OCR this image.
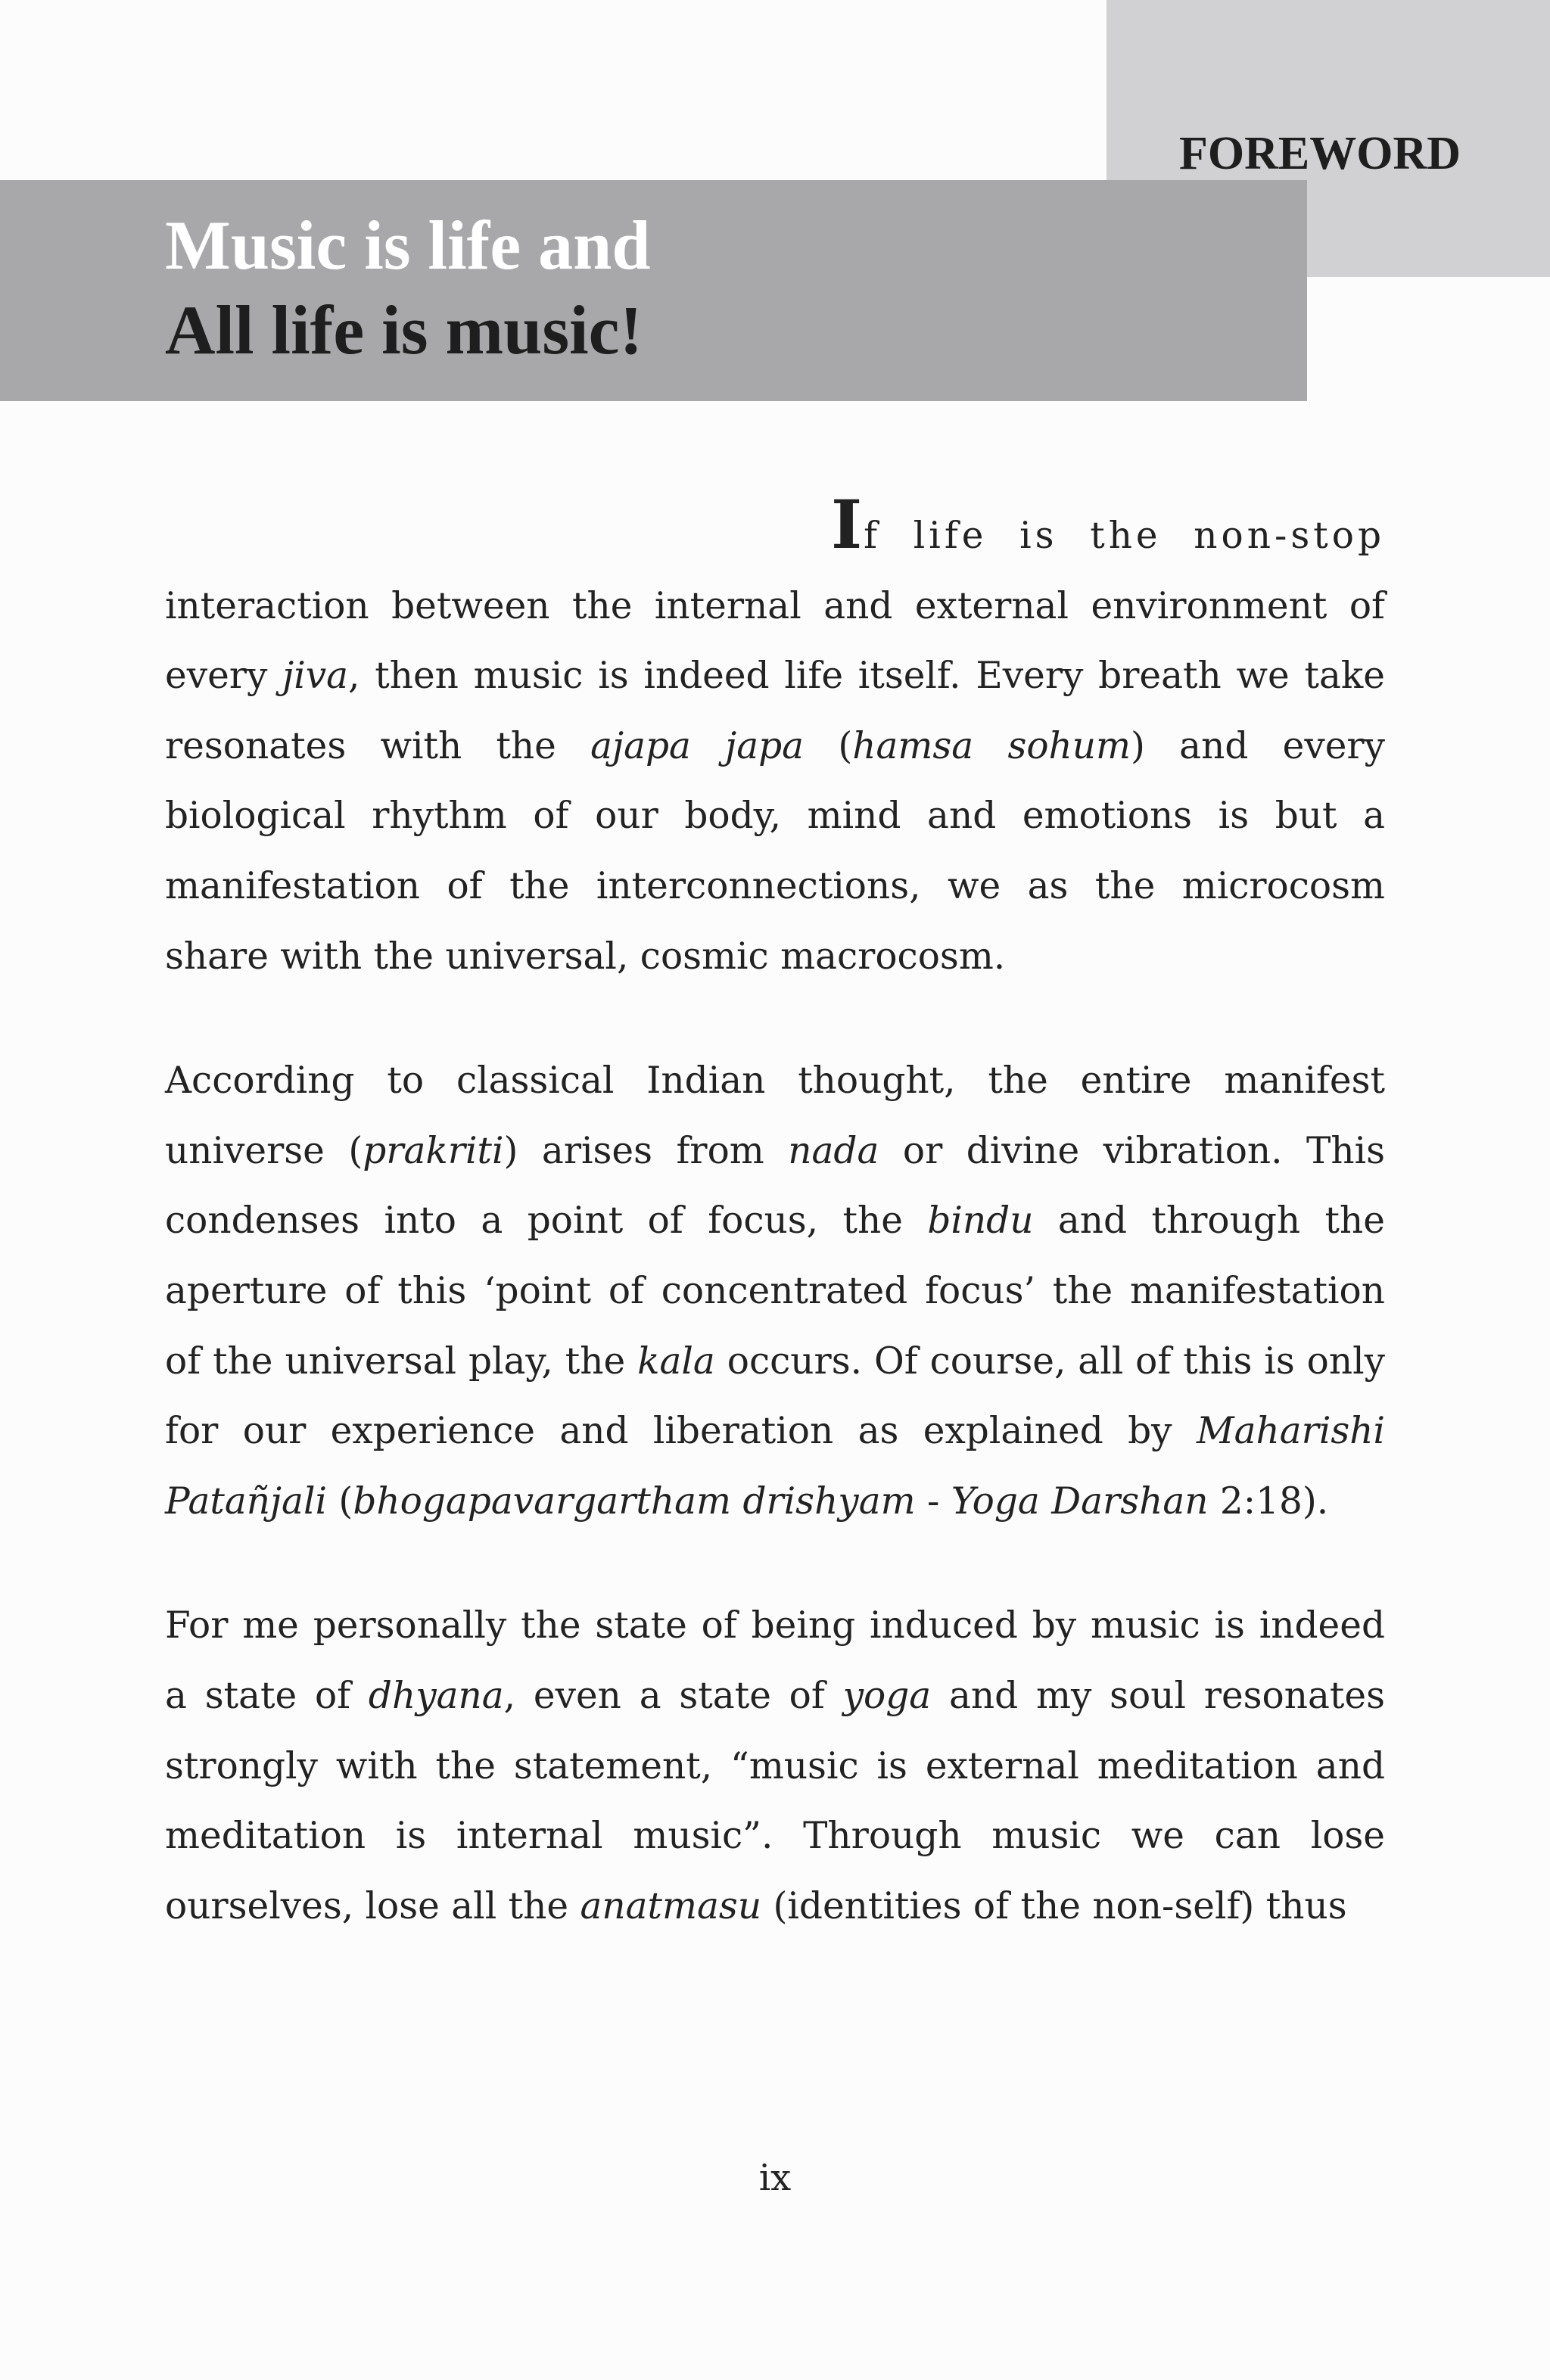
FOREWORD
Music is life and
All life is music!

If life is the non-stop interaction between the internal and external environment of every jiva, then music is indeed life itself. Every breath we take resonates with the ajapa japa (hamsa sohum) and every biological rhythm of our body, mind and emotions is but a manifestation of the interconnections, we as the microcosm share with the universal, cosmic macrocosm.

According to classical Indian thought, the entire manifest universe (prakriti) arises from nada or divine vibration. This condenses into a point of focus, the bindu and through the aperture of this ‘point of concentrated focus’ the manifestation of the universal play, the kala occurs. Of course, all of this is only for our experience and liberation as explained by Maharishi Patañjali (bhogapavargartham drishyam - Yoga Darshan 2:18).

For me personally the state of being induced by music is indeed a state of dhyana, even a state of yoga and my soul resonates strongly with the statement, “music is external meditation and meditation is internal music”. Through music we can lose ourselves, lose all the anatmasu (identities of the non-self) thus

ix
